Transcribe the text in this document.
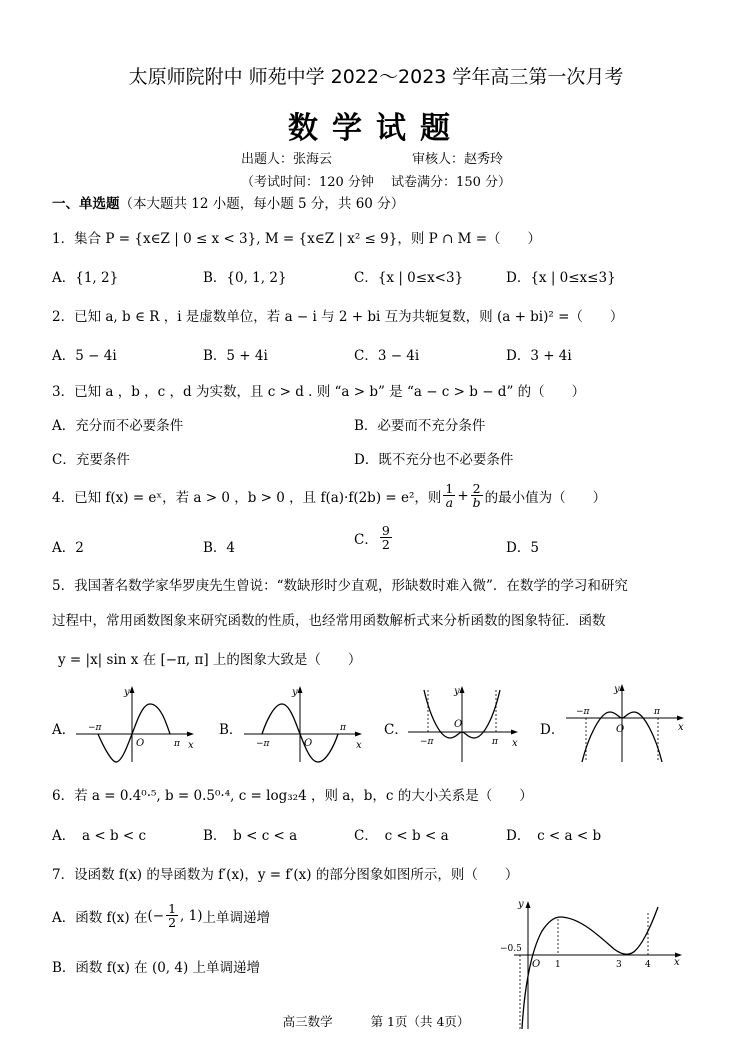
太原师院附中 师苑中学 2022～2023 学年高三第一次月考
数学试题
出题人：张海云	审核人：赵秀玲
（考试时间：120 分钟　 试卷满分：150 分）
一、单选题（本大题共 12 小题，每小题 5 分，共 60 分）
1．集合 P = {x∈Z | 0 ≤ x < 3}, M = {x∈Z | x² ≤ 9}，则 P ∩ M =（　　）
A．{1, 2}	B．{0, 1, 2}	C．{x | 0≤x<3}	D．{x | 0≤x≤3}
2．已知 a, b ∈ R ，i 是虚数单位，若 a − i 与 2 + bi 互为共轭复数，则 (a + bi)² =（　　）
A．5 − 4i	B．5 + 4i	C．3 − 4i	D．3 + 4i
3．已知 a ，b ，c ，d 为实数，且 c > d . 则 “a > b” 是 “a − c > b − d” 的（　　）
A．充分而不必要条件	B．必要而不充分条件
C．充要条件	D．既不充分也不必要条件
4． 已知 f(x) = eˣ，若 a > 0 ，b > 0 ，且 f(a)·f(2b) = e²，则 $\frac{1}{a} + \frac{2}{b}$ 的最小值为（　　）
A．2	B．4
C． $\frac{9}{2}$	D．5
5．我国著名数学家华罗庚先生曾说：“数缺形时少直观，形缺数时难入微”．在数学的学习和研究
过程中，常用函数图象来研究函数的性质，也经常用函数解析式来分析函数的图象特征．函数
y = |x| sin x 在 [−π, π] 上的图象大致是（　　）
A．	B．	C．	D．
y
x
O
−π
π
y
x
O
−π
π
y
x
O
−π	π
y
x
O
−π	π
6．若 a = 0.4⁰·⁵, b = 0.5⁰·⁴, c = log₃₂4 ，则 a，b，c 的大小关系是（　　）
A．　a < b < c	B．　b < c < a	C．　c < b < a	D．　c < a < b
7．设函数 f(x) 的导函数为 f′(x)，y = f′(x) 的部分图象如图所示，则（　　）
A．函数 f(x) 在 (− $\frac{1}{2}$ , 1) 上单调递增
B．函数 f(x) 在 (0, 4) 上单调递增
y
x
O
−0.5
1	3	4
高三数学	第 1页（共 4页）
